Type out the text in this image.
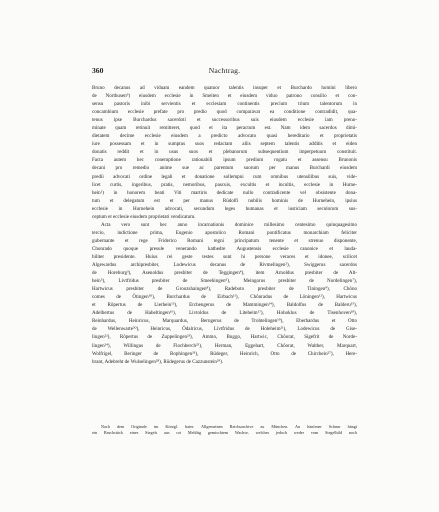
360	Nachtrag.
Bruno decanus ad viduam eandem quatuor talentis insuper et Burchardo homini libero
de Northusen⁹) eiusdem ecclesie in Smeiten et eiusdem viduo patrono consilio et con-
sensu pastoris inibi servientis et ecclesiam continentis precium trium talentorum in
concambium ecclesie prefate pro predio quod comparavat ea conditione contradidit, qua-
tenus ipse Burchardus sacerdoti et successoribus suis eiusdem ecclesie iam preno-
minate quam retinuit remitteret, quod et ita peractum est. Nam idem sacerdos dimi-
dietatem decime ecclesie eiusdem a predicto advocato quasi hereditario et proprietatis
iure possessam et in sumptus suos redactam aliis septem talentis additis et eiden
donatis reddit et in usus suos et plebanorum subsequentium imperpetuum constituit.
Facta autem hec conemptione rationabili ipsum predium rogatu et assensu Brunonis
decani pro remedio anime sue ac parentum suorum per manus Burchardi eiusdem
predii advocati ordine legali et donatione sollempni cum omnibus utensilibus suis, vide-
licet curtis, ingeribus, pratis, nemoribus, pascuis, excultis et incultis, ecclesie in Hurne-
hein¹) in honorem beati Viti martiris dedicate nullo contradicente vel obsistente dona-
tum et delegatum est et per manus Rüdolfi nobilis hominis de Hurnehein, ipsius
ecclesie in Hurnehein advocati, secundum leges humanas et iusticiam seculorum sus-
ceptum et ecclesie eiusdem proprietati vendicatum.
Acta vero sunt hec anno incarnationis dominice millesimo centesimo quinquagesimo
tercio, indictione prima, Eugenio apostolico Romani pontificatus monarchiam feliciter
gubernante et rege Friderico Romani regni principatum tenente et strenuo disponente,
Chonrado quoque presule venerando kathedre Augustensis ecclesie canonice et laudа-
biliter presidente. Huius rei geste testes sunt hi persone veraces et idonee, scilicet
Algewardus archipresbiter, Lodewicus decanus de Rivmelingen²), Swiggerus sacerdos
de Horeburg³), Asenoldus presbiter de Teggingen⁴), item Arnoldus presbiter de Alt-
hein⁵), Livtfridus presbiter de Smeehingen⁶), Meingorus presbiter de Nordelingen⁷),
Hartwicus presbiter de Groozshaingen⁸), Radeboto presbiter de Tiningen⁹), Chôno
comes de Ötingen¹⁰), Burchardus de Eirbach¹¹), Chônradus de Löningen¹²), Hartwicus
et Rôpertus de Lierhein¹³), Erchengerus de Mammingen¹⁴), Baldolfus de Balderu¹⁵),
Adelbertus de Haheltingen¹⁶), Livtoldus de Liteheim¹⁷), Hohoklus de Tisenhoven¹⁸),
Reinhardus, Heinricus, Marquardus, Berngerus de Trohtelingen¹⁹), Eberhardus et Otto
de Wellenwarte²⁰), Heinricus, Ödalricus, Livtfridus de Holeheim²¹), Lodewicus de Gise-
lingen²²), Rôpertus de Zuppelingen²³), Ammo, Buggo, Hartwic, Chôorat, Sigefrit de Norde-
lingen²⁴), Willingus de Flochberch²⁵), Herman, Eggehart, Chôorat, Walther, Marquart,
Wolfrigel, Beringer de Bophingen²⁶), Rüdeger, Heinrich, Otto de Chirchein²⁷), Here-
brant, Adebreht de Wulselingen²⁸), Rüdegerus de Cazzunstein²⁹).
Nach dem Originale im Königl. baier. Allgemeinen Reichsarchive zu München. An hänfener Schnur hängt
ein Bruchstück eines Siegels aus rot Mehltig gemischtem Wachse, welches jedoch weder vom Siegelbild noch
